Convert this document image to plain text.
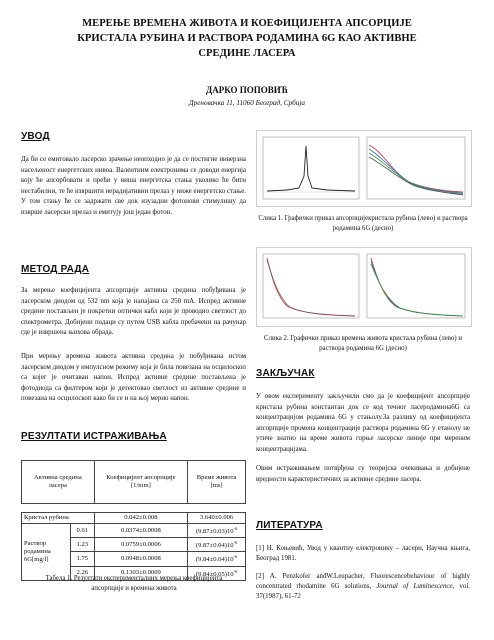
МЕРЕЊЕ ВРЕМЕНА ЖИВОТА И КОЕФИЦИЈЕНТА АПСОРЦИЈЕ
КРИСТАЛА РУБИНА И РАСТВОРА РОДАМИНА 6G КАО АКТИВНЕ
СРЕДИНЕ ЛАСЕРА
ДАРКО ПОПОВИЋ
Дреновачка 11, 11060 Београд, Србија
УВОД

Да би се емитовало ласерско зрачење неопходно је да се постигне инверзна насељеност енергетских нивоа. Валентним електронима се доводи енергија коју ће апсорбовати и прећи у виша енергетска стања уколико ће бити нестабилни, те ће извршити нерадијативни прелаз у ниже енергетско стање. У том стању ће се задржати све док изузадни фотонови стимулишу да изврше ласерски прелаз и емитују још један фотон.

МЕТОД РАДА

За мерење коефицијента апсорпције активна средина побуђивана је ласерском диодом од 532 nm која је напајана са 250 mA. Испред активне средине постављен је покретни оптички кабл који је проводио светлост до спектрометра. Добијени подаци су путем USB кабла пребачени на рачунар где је извршена њихова обрада.

При мерењу времена живота активна средина је побуђивана истом ласерском диодом у импулсном режиму која је била повезана на осцилоскоп са којег је очитаван напон. Испред активне средине постављена је фотодиода са филтером који је детектовао светлост из активне средине и повезана на осцилоскоп како би се и на њој мерио напон.

РЕЗУЛТАТИ ИСТРАЖИВАЊА
Активна средина ласера		Коефицијент апсорпције [1/mm]	Време живота [ms]

Кристал рубина		0.042±0.008	3.640±0.006
Раствор родамина 6G[mg/l]	0.61	0.0374±0.0008	$(9.87\pm 0.03)10^{-6}$
	1.23	0.0759±0.0006	$(9.87\pm 0.04)10^{-6}$
	1.75	0.0948±0.0008	$(9.84\pm 0.04)10^{-6}$
	2.26	0.1303±0.0009	$(9.84\pm 0.05)10^{-6}$

Табела 1. Резултати експерименталних мерења коефицијента апсорпције и времена живота

Слика 1. Графички приказ апсорпцијекристала рубина (лево) и раствора родамина 6G (десно)

Слика 2. Графички приказ времена живота кристала рубина (лево) и раствора родамина 6G (десно)

ЗАКЉУЧАК

У овом експерименту закључили смо да је коефицијент апсорпције кристала рубина константан док се код течног ласеродамина6G са концентрацијом родамина 6G у стањолу.За разлику од коефицијента апсорпције промена концентрације раствора родамина 6G у етанолу не утиче знатно на време живота горње ласерске линије при мереним концентрацијама.

Овим истраживањем потврђена су теоријска очекивања и добијене вредности карактеристичних за активне средине ласера.

ЛИТЕРАТУРА

[1] Н. Коњевић, Увод у квантну електронику – ласери, Научна књига, Београд 1981.

[2] A. Penzkofer andW.Leupacher, Fluorescencebehaviour of highly concentrated rhodamine 6G solutions, Journal of Luminescence, vol. 37(1987), 61-72
